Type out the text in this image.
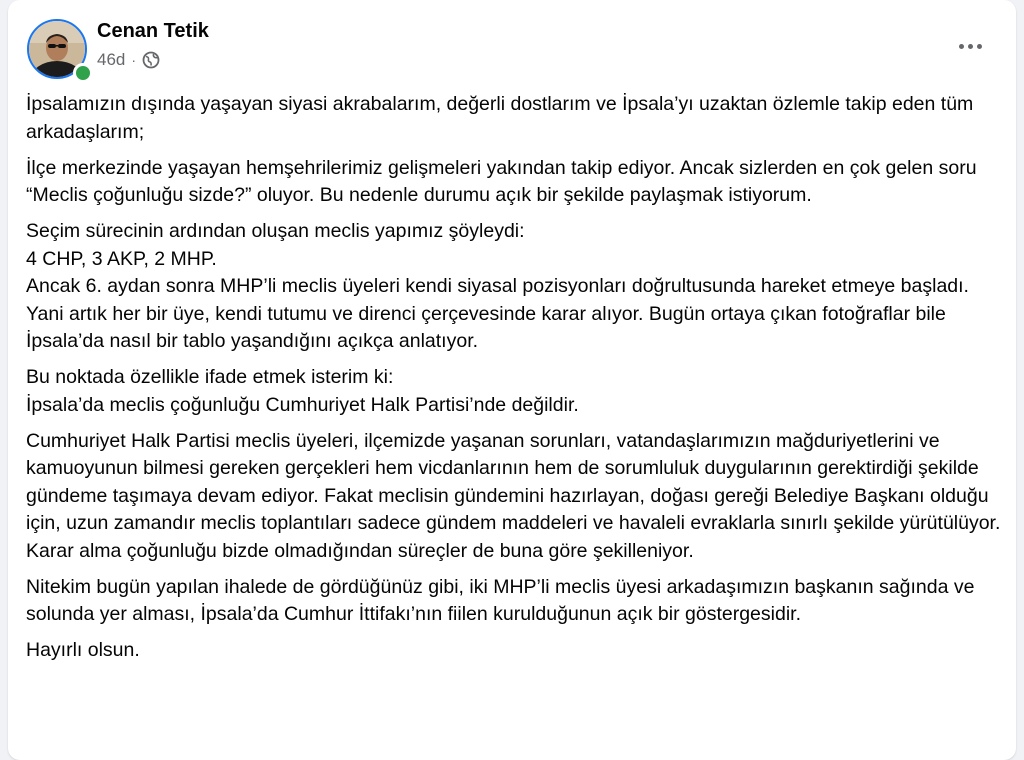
Cenan Tetik
46d ·

İpsalamızın dışında yaşayan siyasi akrabalarım, değerli dostlarım ve İpsala’yı uzaktan özlemle takip eden tüm arkadaşlarım;

İlçe merkezinde yaşayan hemşehrilerimiz gelişmeleri yakından takip ediyor. Ancak sizlerden en çok gelen soru “Meclis çoğunluğu sizde?” oluyor. Bu nedenle durumu açık bir şekilde paylaşmak istiyorum.

Seçim sürecinin ardından oluşan meclis yapımız şöyleydi:
4 CHP, 3 AKP, 2 MHP.
Ancak 6. aydan sonra MHP’li meclis üyeleri kendi siyasal pozisyonları doğrultusunda hareket etmeye başladı. Yani artık her bir üye, kendi tutumu ve direnci çerçevesinde karar alıyor. Bugün ortaya çıkan fotoğraflar bile İpsala’da nasıl bir tablo yaşandığını açıkça anlatıyor.

Bu noktada özellikle ifade etmek isterim ki:
İpsala’da meclis çoğunluğu Cumhuriyet Halk Partisi’nde değildir.

Cumhuriyet Halk Partisi meclis üyeleri, ilçemizde yaşanan sorunları, vatandaşlarımızın mağduriyetlerini ve kamuoyunun bilmesi gereken gerçekleri hem vicdanlarının hem de sorumluluk duygularının gerektirdiği şekilde gündeme taşımaya devam ediyor. Fakat meclisin gündemini hazırlayan, doğası gereği Belediye Başkanı olduğu için, uzun zamandır meclis toplantıları sadece gündem maddeleri ve havaleli evraklarla sınırlı şekilde yürütülüyor. Karar alma çoğunluğu bizde olmadığından süreçler de buna göre şekilleniyor.

Nitekim bugün yapılan ihalede de gördüğünüz gibi, iki MHP’li meclis üyesi arkadaşımızın başkanın sağında ve solunda yer alması, İpsala’da Cumhur İttifakı’nın fiilen kurulduğunun açık bir göstergesidir.

Hayırlı olsun.
